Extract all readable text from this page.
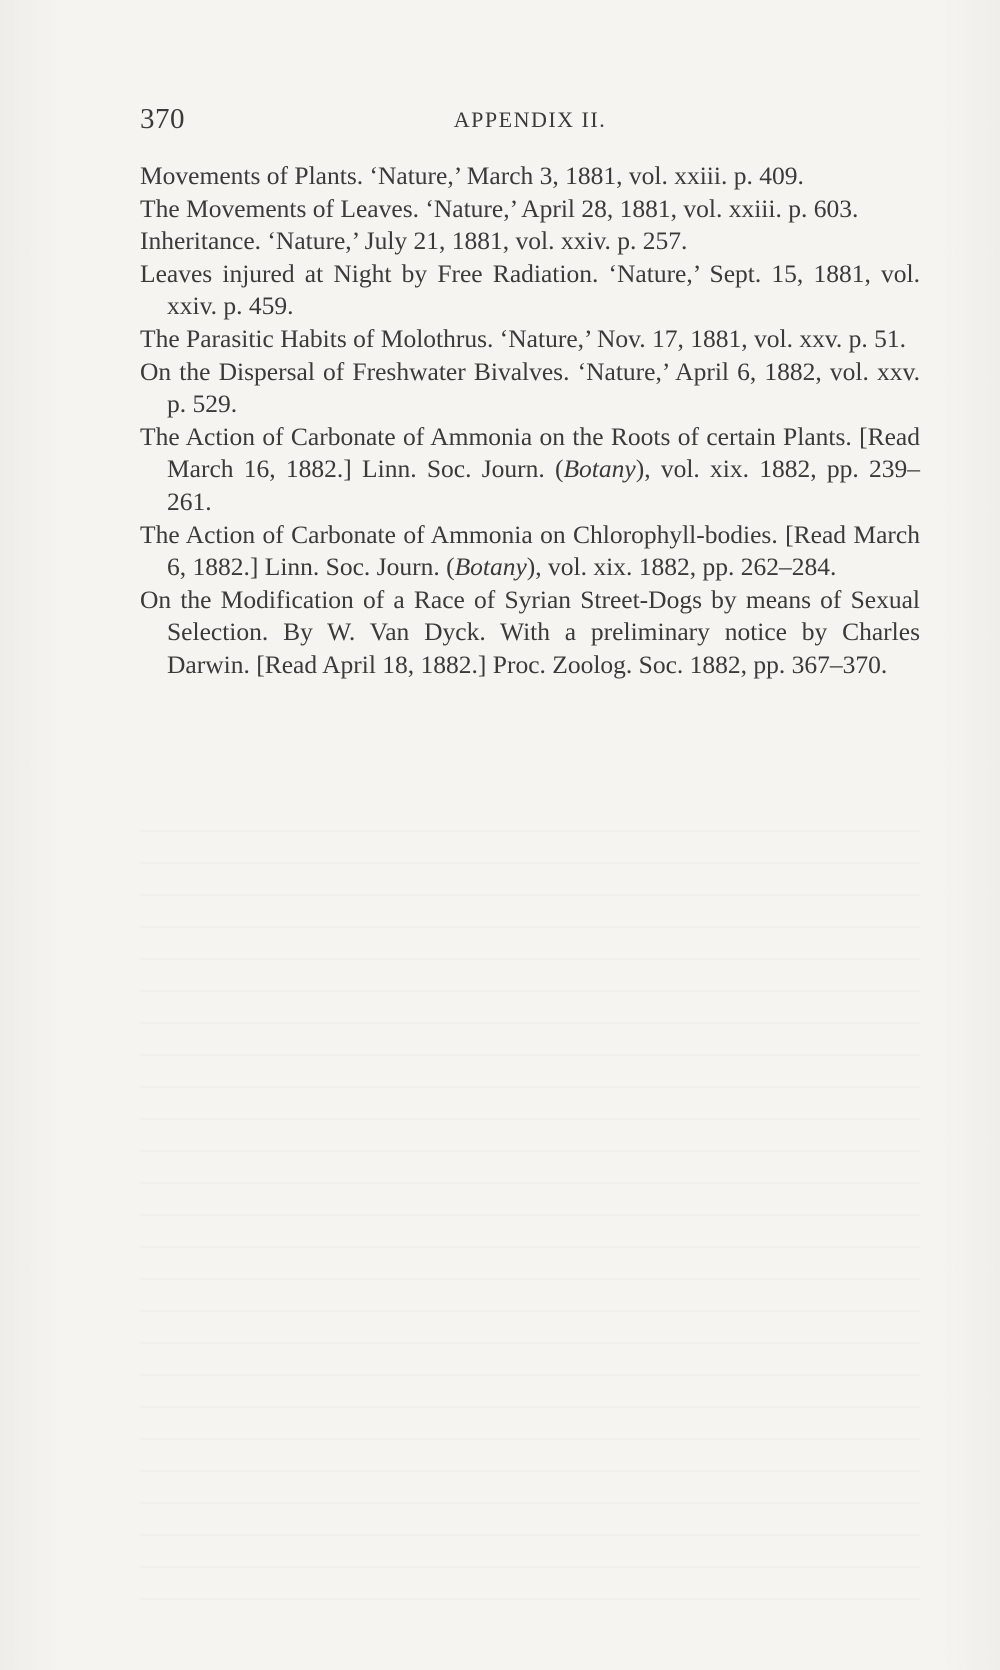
370	APPENDIX II.
Movements of Plants. ‘Nature,’ March 3, 1881, vol. xxiii. p. 409.
The Movements of Leaves. ‘Nature,’ April 28, 1881, vol. xxiii. p. 603.
Inheritance. ‘Nature,’ July 21, 1881, vol. xxiv. p. 257.
Leaves injured at Night by Free Radiation. ‘Nature,’ Sept. 15, 1881, vol. xxiv. p. 459.
The Parasitic Habits of Molothrus. ‘Nature,’ Nov. 17, 1881, vol. xxv. p. 51.
On the Dispersal of Freshwater Bivalves. ‘Nature,’ April 6, 1882, vol. xxv. p. 529.
The Action of Carbonate of Ammonia on the Roots of certain Plants. [Read March 16, 1882.] Linn. Soc. Journ. (Botany), vol. xix. 1882, pp. 239–261.
The Action of Carbonate of Ammonia on Chlorophyll-bodies. [Read March 6, 1882.] Linn. Soc. Journ. (Botany), vol. xix. 1882, pp. 262–284.
On the Modification of a Race of Syrian Street-Dogs by means of Sexual Selection. By W. Van Dyck. With a preliminary notice by Charles Darwin. [Read April 18, 1882.] Proc. Zoolog. Soc. 1882, pp. 367–370.
